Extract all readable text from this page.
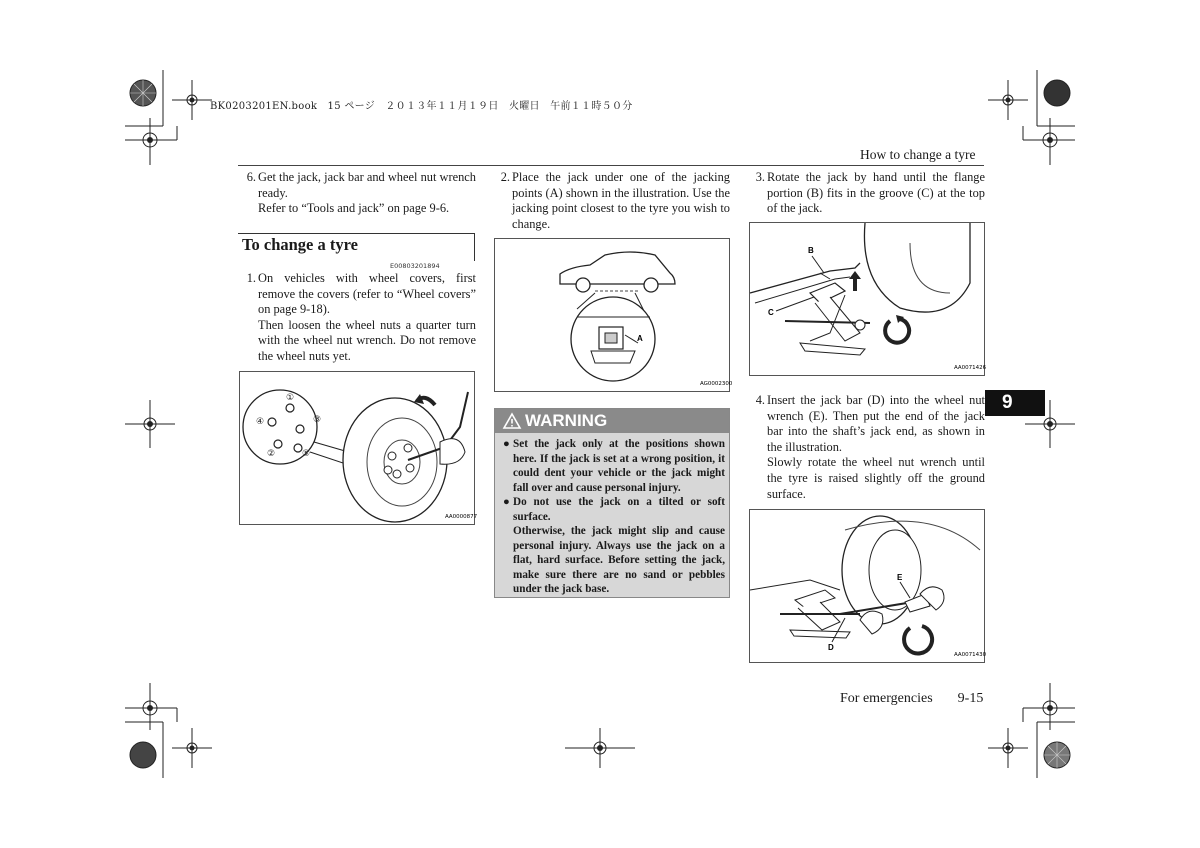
BK0203201EN.book　15 ページ　２０１３年１１月１９日　火曜日　午前１１時５０分
How to change a tyre
6. Get the jack, jack bar and wheel nut wrench ready.
Refer to “Tools and jack” on page 9-6.
To change a tyre
E00803201894
1. On vehicles with wheel covers, first remove the covers (refer to “Wheel covers” on page 9-18).
Then loosen the wheel nuts a quarter turn with the wheel nut wrench. Do not remove the wheel nuts yet.
①
②
③
④
⑤
AA0000877
2. Place the jack under one of the jacking points (A) shown in the illustration. Use the jacking point closest to the tyre you wish to change.
A
AG0002300
WARNING
● Set the jack only at the positions shown here. If the jack is set at a wrong position, it could dent your vehicle or the jack might fall over and cause personal injury.
● Do not use the jack on a tilted or soft surface.
Otherwise, the jack might slip and cause personal injury. Always use the jack on a flat, hard surface. Before setting the jack, make sure there are no sand or pebbles under the jack base.
3. Rotate the jack by hand until the flange portion (B) fits in the groove (C) at the top of the jack.
B
C
AA0071426
9
4. Insert the jack bar (D) into the wheel nut wrench (E). Then put the end of the jack bar into the shaft’s jack end, as shown in the illustration.
Slowly rotate the wheel nut wrench until the tyre is raised slightly off the ground surface.
E
D
AA0071430
For emergencies 9-15
